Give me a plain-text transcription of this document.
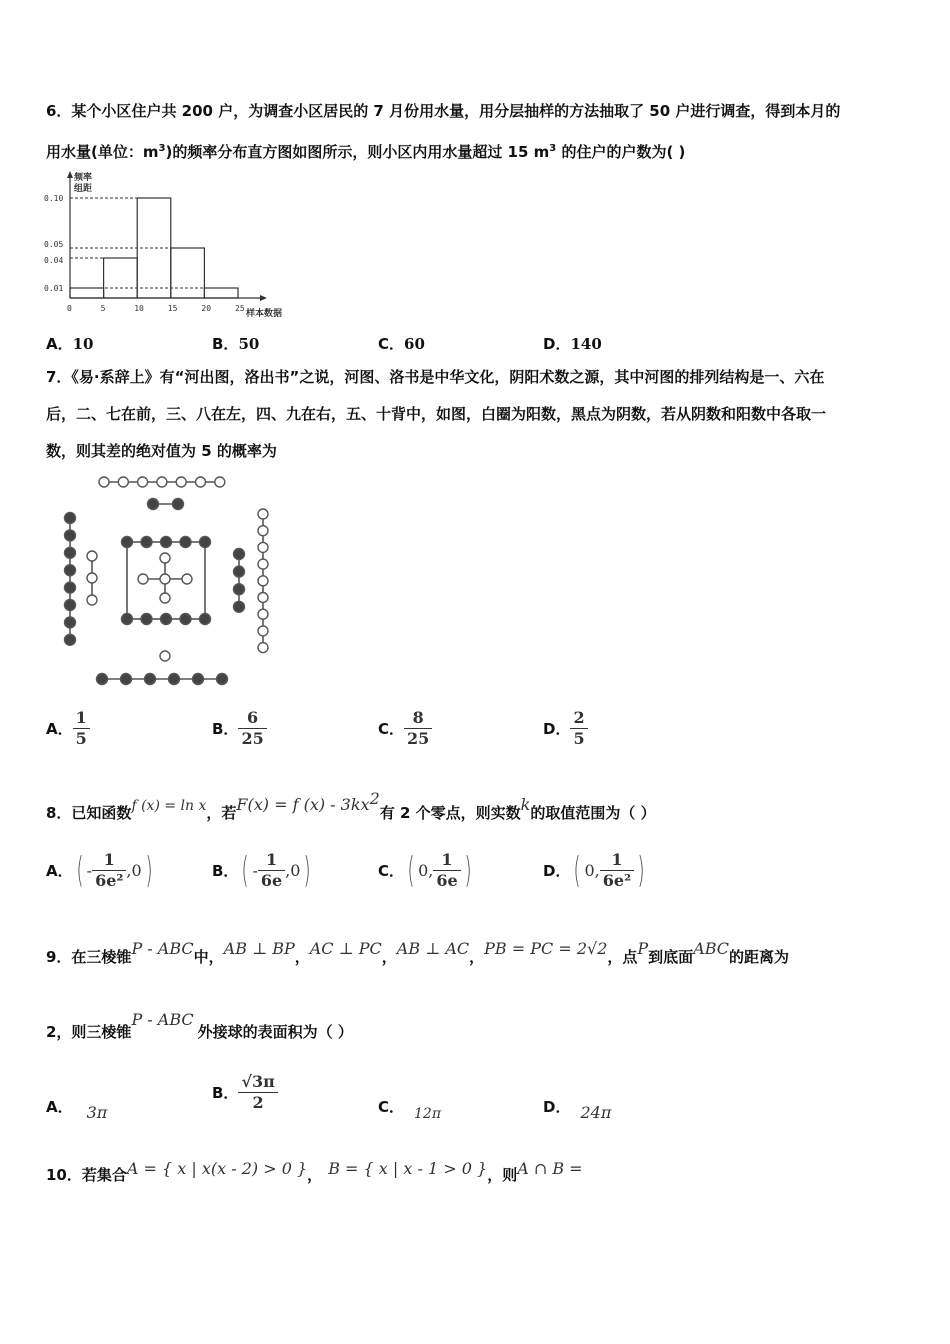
6．某个小区住户共 200 户，为调查小区居民的 7 月份用水量，用分层抽样的方法抽取了 50 户进行调查，得到本月的
用水量(单位：$m^3$)的频率分布直方图如图所示，则小区内用水量超过 15 $m^3$ 的住户的户数为( )
频率
组距
样本数据
0.10
0.05
0.04
0.01
0	5	10	15	20	25
A．10	B．50	C．60	D．140
7．《易·系辞上》有“河出图，洛出书”之说，河图、洛书是中华文化，阴阳术数之源，其中河图的排列结构是一、六在
后，二、七在前，三、八在左，四、九在右，五、十背中，如图，白圈为阳数，黑点为阴数，若从阴数和阳数中各取一
数，则其差的绝对值为 5 的概率为
A． $\frac{1}{5}$	B． $\frac{6}{25}$	C． $\frac{8}{25}$	D． $\frac{2}{5}$
8．已知函数f (x) = ln x，若F(x) = f $(x) - 3kx^2$有 2 个零点，则实数k的取值范围为（ ）
A．( - $\frac{1}{\text{6e²}} ,0$)	B．( - $\frac{1}{6e} ,0$)	C．( 0, $\frac{1}{6e}$ )	D．( 0, $\frac{1}{\text{6e²}}$ )
9．在三棱锥P - ABC中，AB ⊥ BP，AC ⊥ PC，AB ⊥ AC，PB = PC = 2√2，点P到底面ABC的距离为
2，则三棱锥P - ABC外接球的表面积为（ ）
A． 3π
B． $\frac{√3\pi}{2}$	C． 12π	D． 24π
10．若集合A = { x | x(x - 2) > 0 }， B = { x | x - 1 > 0 }，则A ∩ B =
